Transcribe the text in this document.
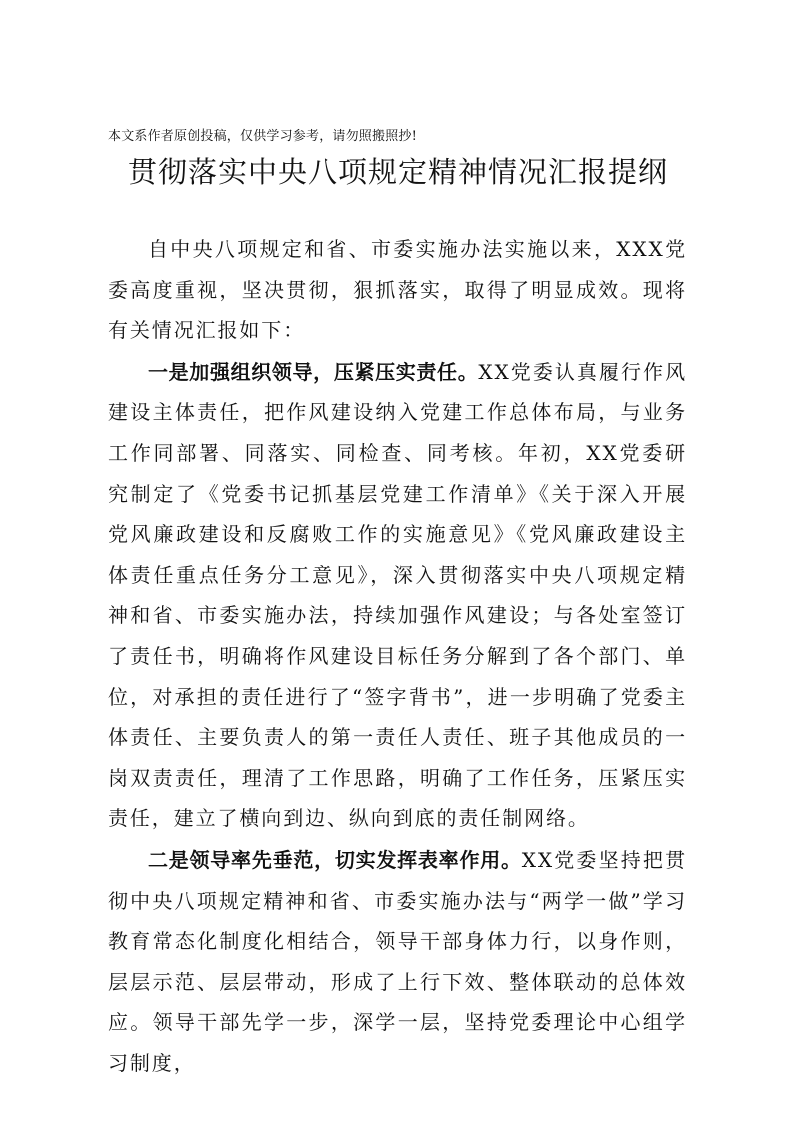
本文系作者原创投稿，仅供学习参考，请勿照搬照抄!
贯彻落实中央八项规定精神情况汇报提纲

自中央八项规定和省、市委实施办法实施以来，XXX党委高度重视，坚决贯彻，狠抓落实，取得了明显成效。现将有关情况汇报如下：

一是加强组织领导，压紧压实责任。XX党委认真履行作风建设主体责任，把作风建设纳入党建工作总体布局，与业务工作同部署、同落实、同检查、同考核。年初，XX党委研究制定了《党委书记抓基层党建工作清单》《关于深入开展党风廉政建设和反腐败工作的实施意见》《党风廉政建设主体责任重点任务分工意见》，深入贯彻落实中央八项规定精神和省、市委实施办法，持续加强作风建设；与各处室签订了责任书，明确将作风建设目标任务分解到了各个部门、单位，对承担的责任进行了“签字背书”，进一步明确了党委主体责任、主要负责人的第一责任人责任、班子其他成员的一岗双责责任，理清了工作思路，明确了工作任务，压紧压实责任，建立了横向到边、纵向到底的责任制网络。

二是领导率先垂范，切实发挥表率作用。XX党委坚持把贯彻中央八项规定精神和省、市委实施办法与“两学一做”学习教育常态化制度化相结合，领导干部身体力行，以身作则，层层示范、层层带动，形成了上行下效、整体联动的总体效应。领导干部先学一步，深学一层，坚持党委理论中心组学习制度，
